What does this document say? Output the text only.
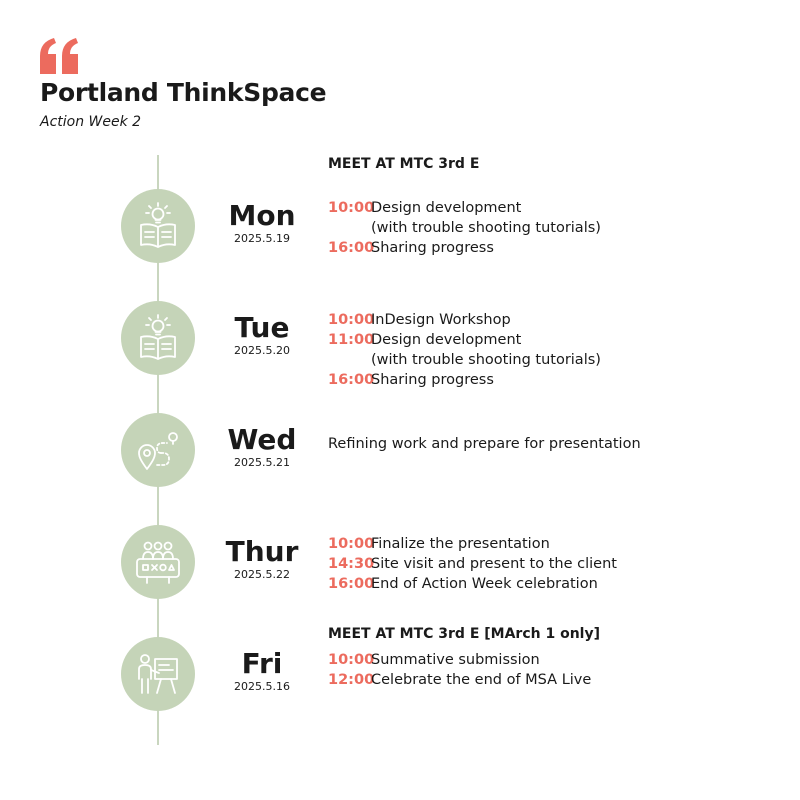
Portland ThinkSpace
Action Week 2
Mon
2025.5.19
MEET AT MTC 3rd E
10:00Design development
(with trouble shooting tutorials)
16:00Sharing progress
Tue
2025.5.20
10:00InDesign Workshop
11:00Design development
(with trouble shooting tutorials)
16:00Sharing progress
Wed
2025.5.21
Refining work and prepare for presentation
Thur
2025.5.22
10:00Finalize the presentation
14:30Site visit and present to the client
16:00End of Action Week celebration
Fri
2025.5.16
MEET AT MTC 3rd E [MArch 1 only]
10:00Summative submission
12:00Celebrate the end of MSA Live
